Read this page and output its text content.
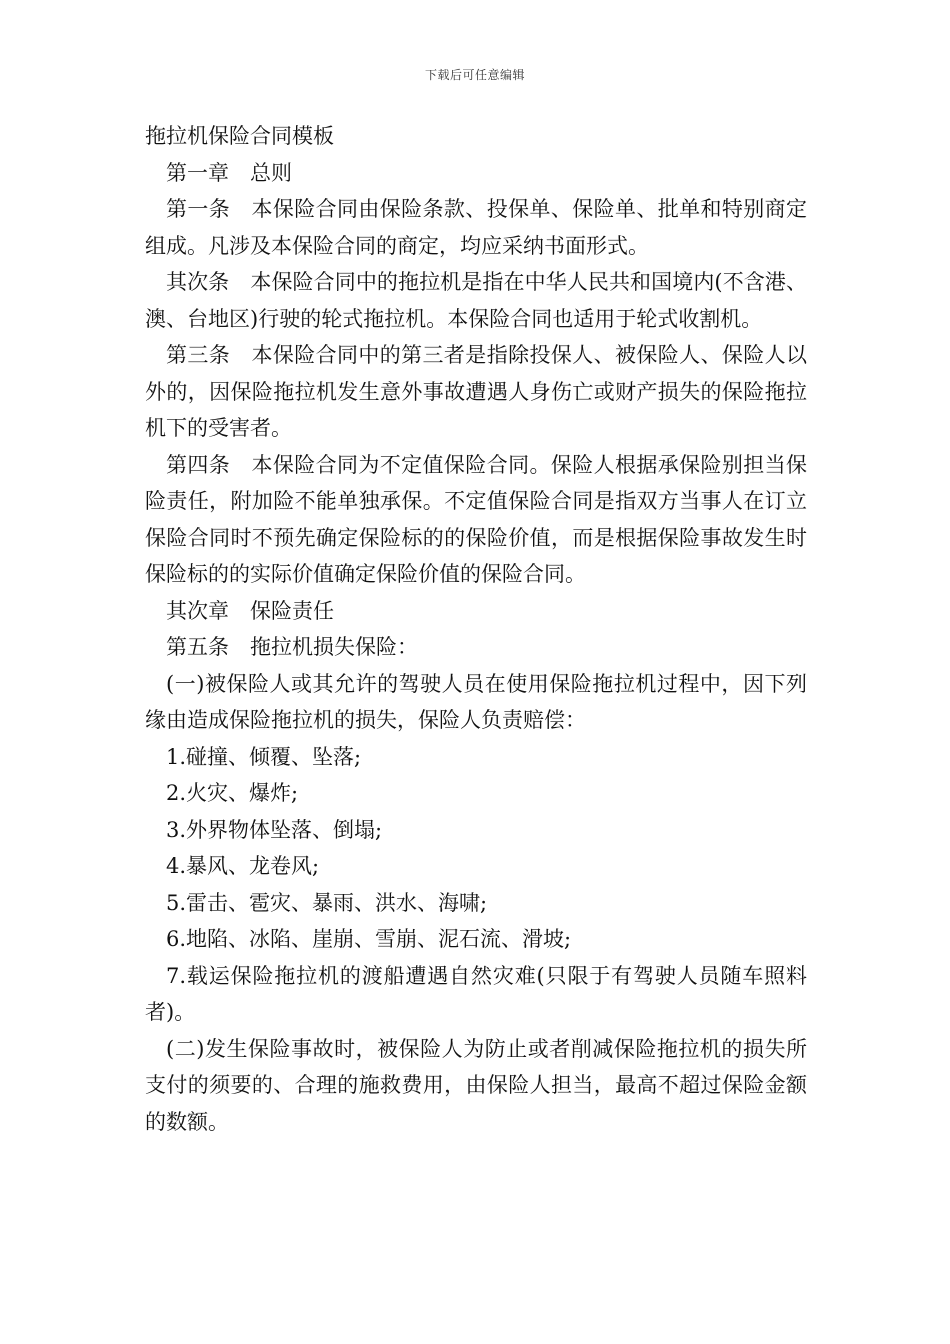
下载后可任意编辑

拖拉机保险合同模板

第一章　总则

第一条　本保险合同由保险条款、投保单、保险单、批单和特别商定组成。凡涉及本保险合同的商定，均应采纳书面形式。

其次条　本保险合同中的拖拉机是指在中华人民共和国境内(不含港、澳、台地区)行驶的轮式拖拉机。本保险合同也适用于轮式收割机。

第三条　本保险合同中的第三者是指除投保人、被保险人、保险人以外的，因保险拖拉机发生意外事故遭遇人身伤亡或财产损失的保险拖拉机下的受害者。

第四条　本保险合同为不定值保险合同。保险人根据承保险别担当保险责任，附加险不能单独承保。不定值保险合同是指双方当事人在订立保险合同时不预先确定保险标的的保险价值，而是根据保险事故发生时保险标的的实际价值确定保险价值的保险合同。

其次章　保险责任

第五条　拖拉机损失保险：

(一)被保险人或其允许的驾驶人员在使用保险拖拉机过程中，因下列缘由造成保险拖拉机的损失，保险人负责赔偿：

1.碰撞、倾覆、坠落;

2.火灾、爆炸;

3.外界物体坠落、倒塌;

4.暴风、龙卷风;

5.雷击、雹灾、暴雨、洪水、海啸;

6.地陷、冰陷、崖崩、雪崩、泥石流、滑坡;

7.载运保险拖拉机的渡船遭遇自然灾难(只限于有驾驶人员随车照料者)。

(二)发生保险事故时，被保险人为防止或者削减保险拖拉机的损失所支付的须要的、合理的施救费用，由保险人担当，最高不超过保险金额的数额。
